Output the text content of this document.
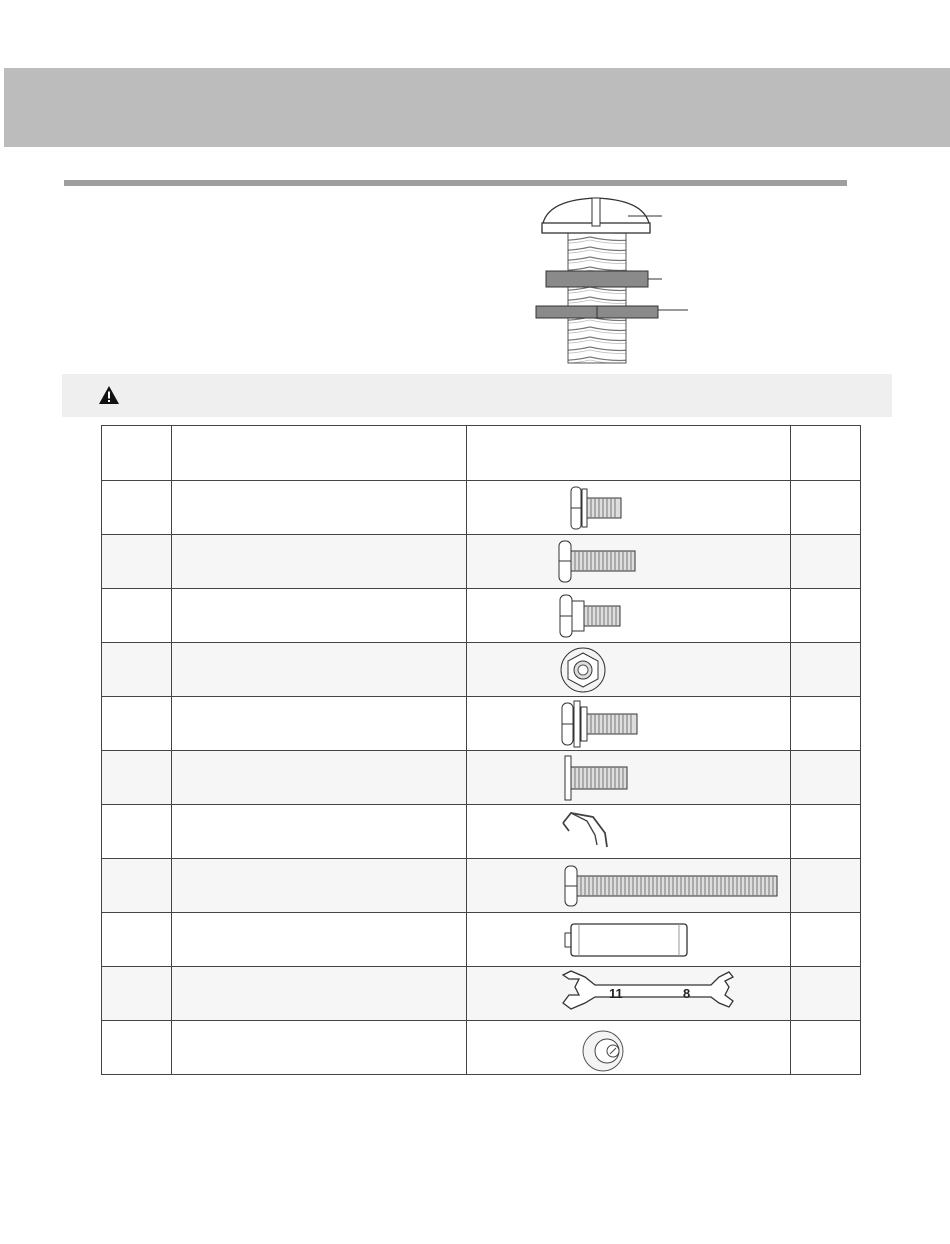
11 8	
